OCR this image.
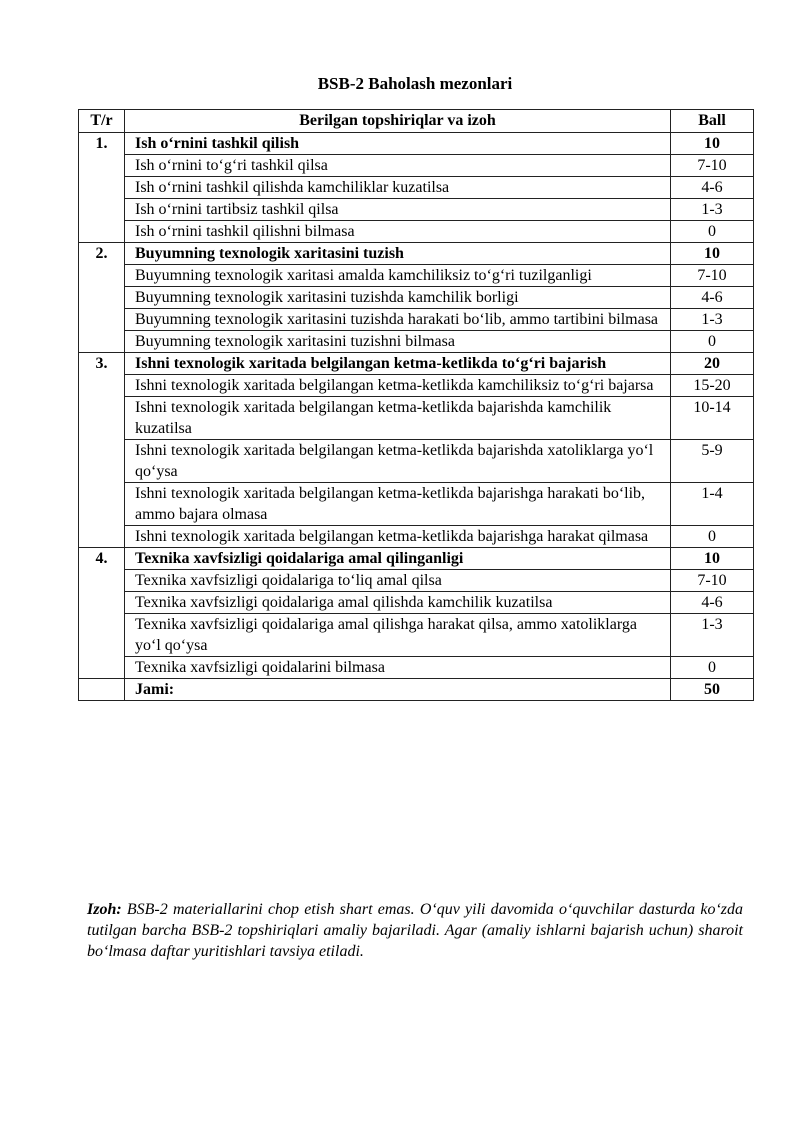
BSB-2 Baholash mezonlari
T/r	Berilgan topshiriqlar va izoh	Ball
1.	Ish o‘rnini tashkil qilish	10
	Ish o‘rnini to‘g‘ri tashkil qilsa	7-10
	Ish o‘rnini tashkil qilishda kamchiliklar kuzatilsa	4-6
	Ish o‘rnini tartibsiz tashkil qilsa	1-3
	Ish o‘rnini tashkil qilishni bilmasa	0
2.	Buyumning texnologik xaritasini tuzish	10
	Buyumning texnologik xaritasi amalda kamchiliksiz to‘g‘ri tuzilganligi	7-10
	Buyumning texnologik xaritasini tuzishda kamchilik borligi	4-6
	Buyumning texnologik xaritasini tuzishda harakati bo‘lib, ammo tartibini bilmasa	1-3
	Buyumning texnologik xaritasini tuzishni bilmasa	0
3.	Ishni texnologik xaritada belgilangan ketma-ketlikda to‘g‘ri bajarish	20
	Ishni texnologik xaritada belgilangan ketma-ketlikda kamchiliksiz to‘g‘ri bajarsa	15-20
	Ishni texnologik xaritada belgilangan ketma-ketlikda bajarishda kamchilik kuzatilsa	10-14
	Ishni texnologik xaritada belgilangan ketma-ketlikda bajarishda xatoliklarga yo‘l qo‘ysa	5-9
	Ishni texnologik xaritada belgilangan ketma-ketlikda bajarishga harakati bo‘lib, ammo bajara olmasa	1-4
	Ishni texnologik xaritada belgilangan ketma-ketlikda bajarishga harakat qilmasa	0
4.	Texnika xavfsizligi qoidalariga amal qilinganligi	10
	Texnika xavfsizligi qoidalariga to‘liq amal qilsa	7-10
	Texnika xavfsizligi qoidalariga amal qilishda kamchilik kuzatilsa	4-6
	Texnika xavfsizligi qoidalariga amal qilishga harakat qilsa, ammo xatoliklarga yo‘l qo‘ysa	1-3
	Texnika xavfsizligi qoidalarini bilmasa	0
	Jami:	50
Izoh: BSB-2 materiallarini chop etish shart emas. O‘quv yili davomida o‘quvchilar dasturda ko‘zda tutilgan barcha BSB-2 topshiriqlari amaliy bajariladi. Agar (amaliy ishlarni bajarish uchun) sharoit bo‘lmasa daftar yuritishlari tavsiya etiladi.
